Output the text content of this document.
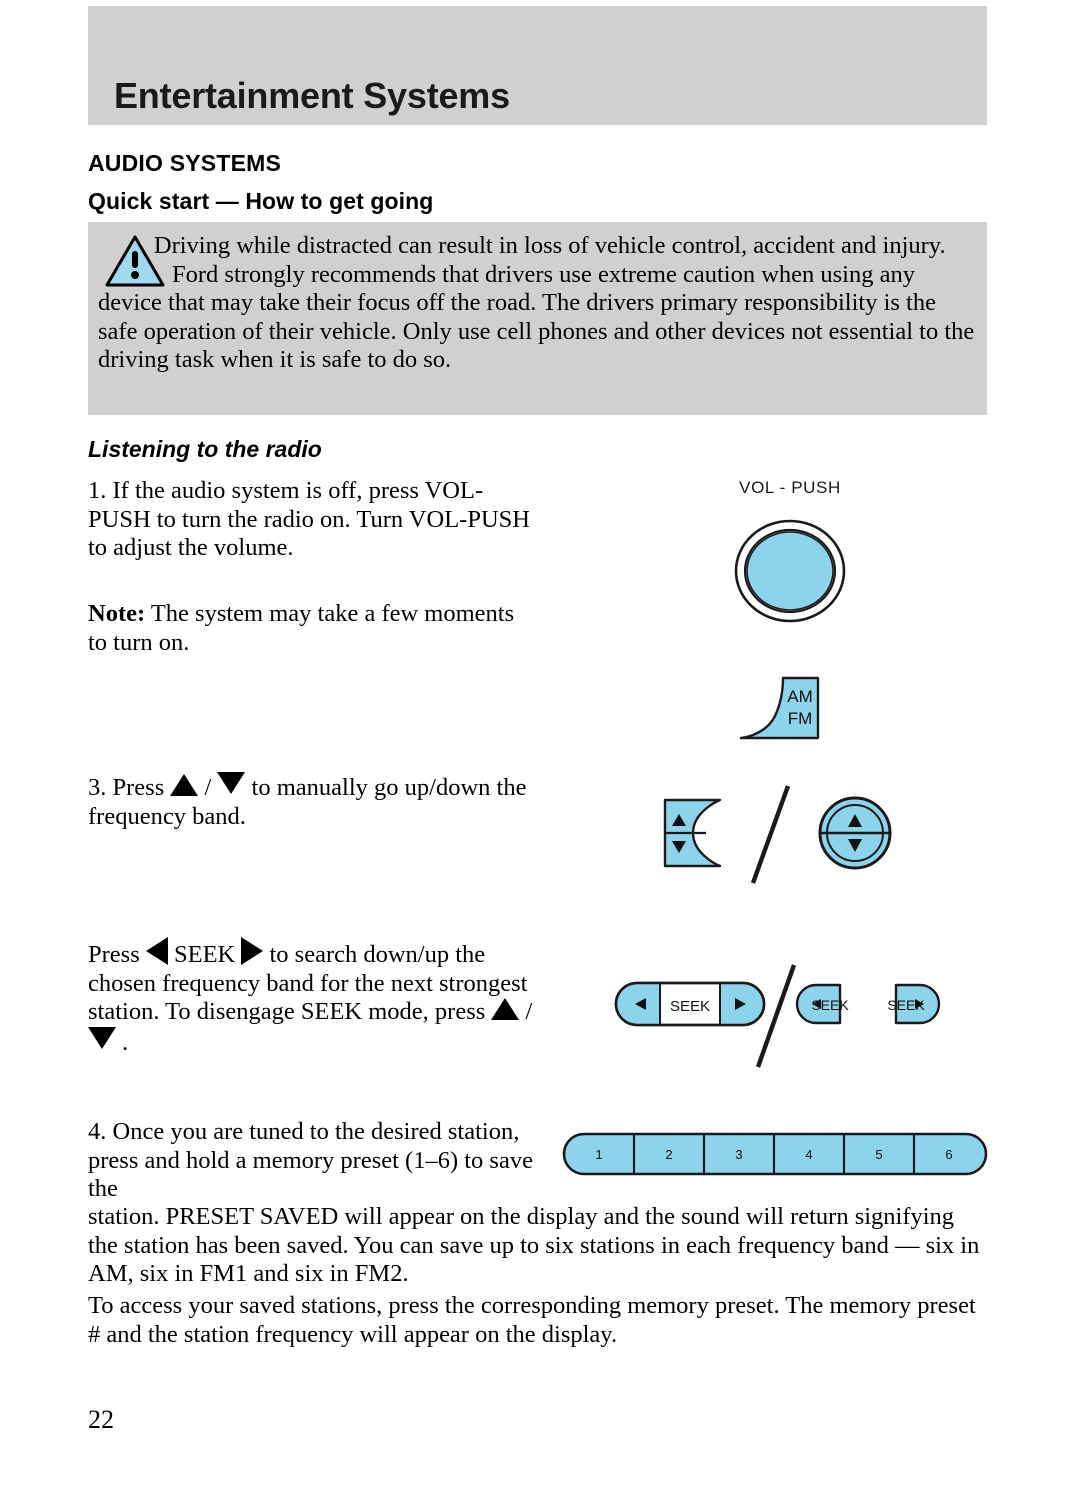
Entertainment Systems
AUDIO SYSTEMS
Quick start — How to get going
Driving while distracted can result in loss of vehicle control, accident and injury. Ford strongly recommends that drivers use extreme caution when using any device that may take their focus off the road. The drivers primary responsibility is the safe operation of their vehicle. Only use cell phones and other devices not essential to the driving task when it is safe to do so.
Listening to the radio
1. If the audio system is off, press VOL-PUSH to turn the radio on. Turn VOL-PUSH to adjust the volume.
Note: The system may take a few moments to turn on.
3. Press  /  to manually go up/down the frequency band.
Press  SEEK  to search down/up the chosen frequency band for the next strongest station. To disengage SEEK mode, press  /  .
4. Once you are tuned to the desired station, press and hold a memory preset (1–6) to save the
station. PRESET SAVED will appear on the display and the sound will return signifying the station has been saved. You can save up to six stations in each frequency band — six in AM, six in FM1 and six in FM2.
To access your saved stations, press the corresponding memory preset. The memory preset # and the station frequency will appear on the display.
22
VOL - PUSH
AM
FM
SEEK	SEEK	SEEK
1	2	3	4	5	6
